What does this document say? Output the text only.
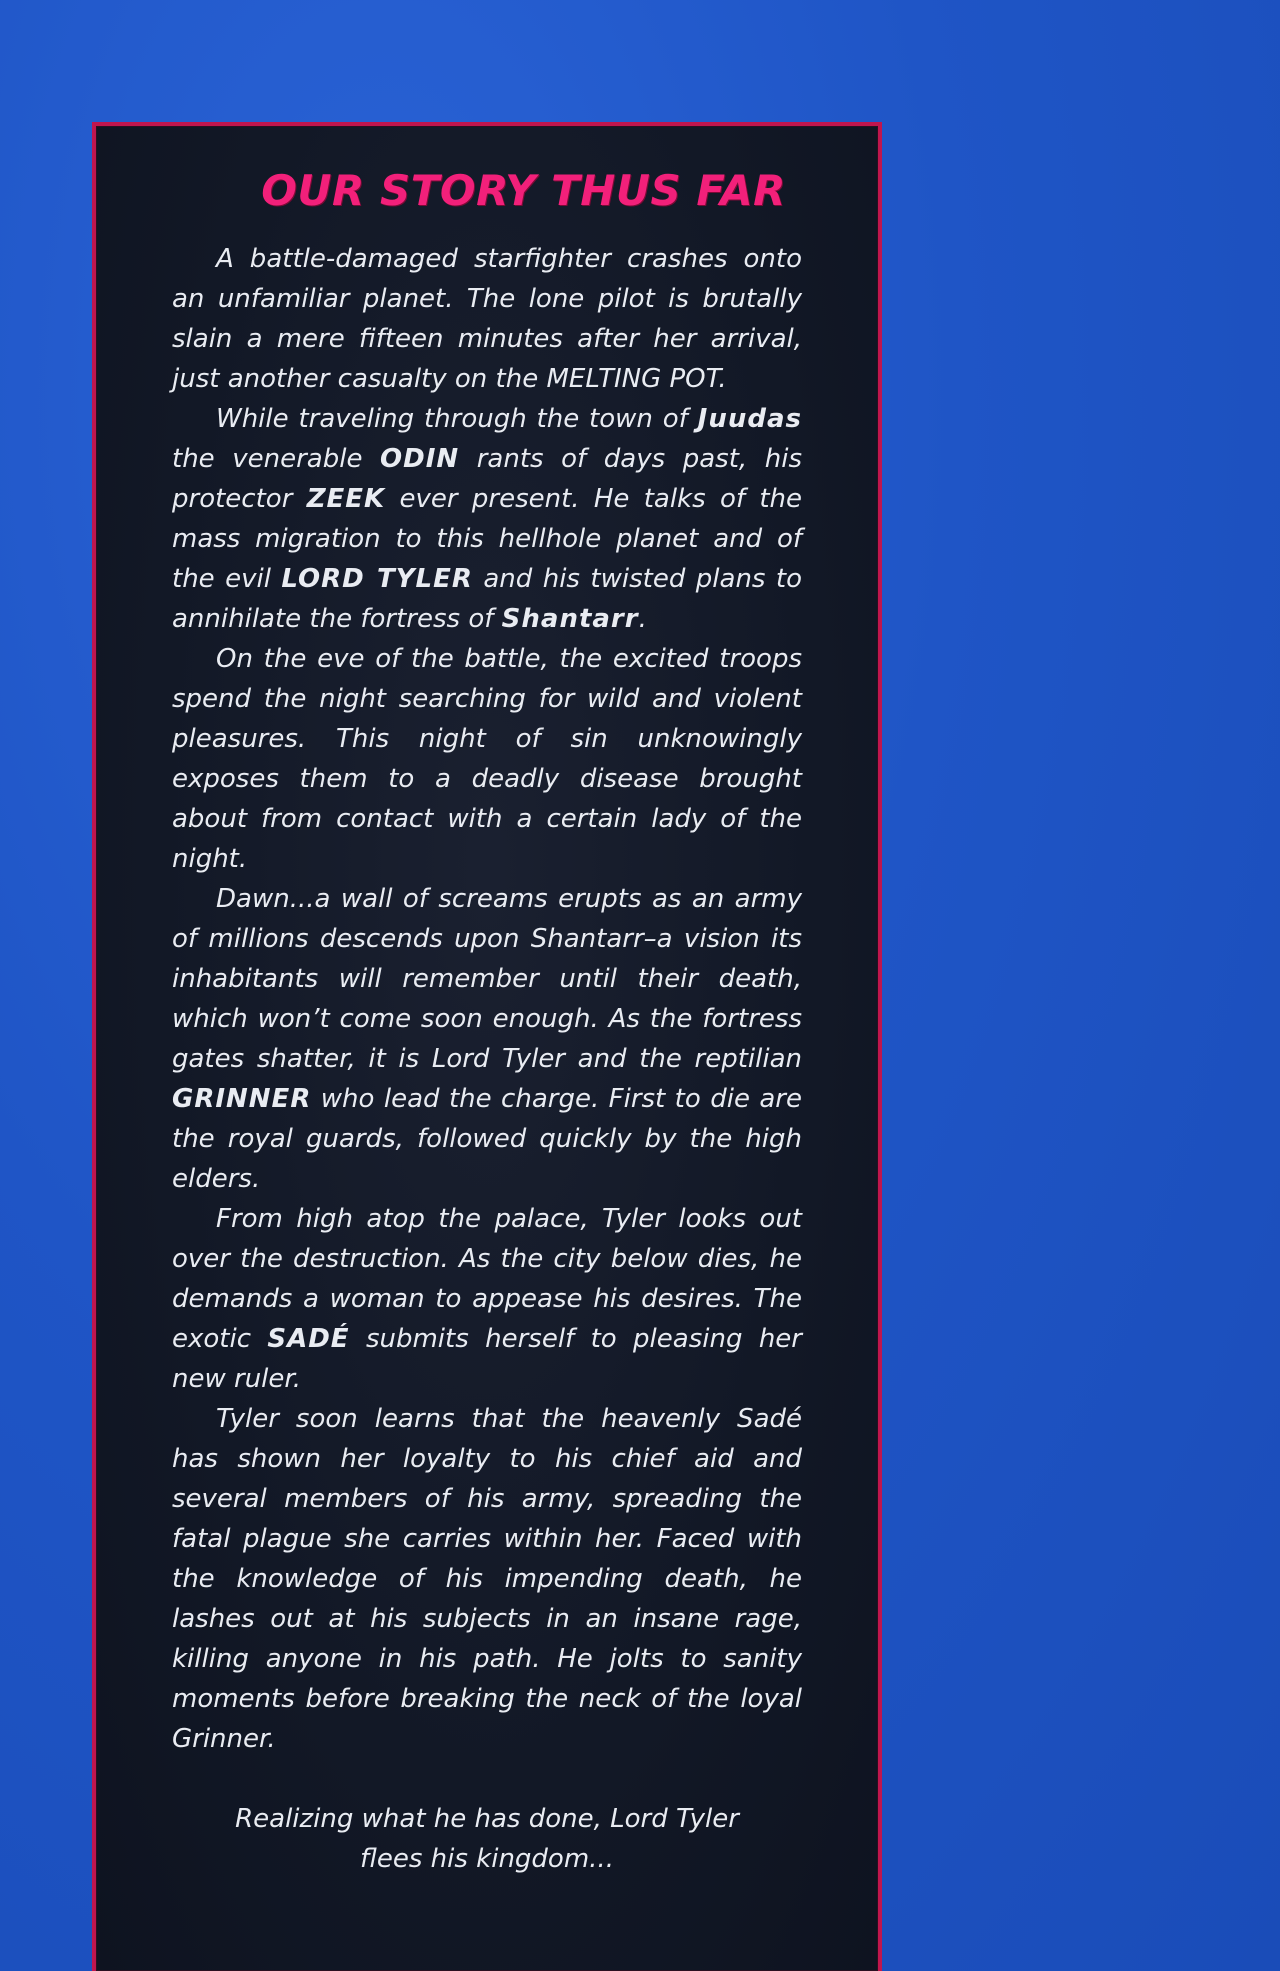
OUR STORY THUS FAR

A battle-damaged starfighter crashes onto an unfamiliar planet. The lone pilot is brutally slain a mere fifteen minutes after her arrival, just another casualty on the MELTING POT.

While traveling through the town of Juudas the venerable ODIN rants of days past, his protector ZEEK ever present. He talks of the mass migration to this hellhole planet and of the evil LORD TYLER and his twisted plans to annihilate the fortress of Shantarr.

On the eve of the battle, the excited troops spend the night searching for wild and violent pleasures. This night of sin unknowingly exposes them to a deadly disease brought about from contact with a certain lady of the night.

Dawn...a wall of screams erupts as an army of millions descends upon Shantarr–a vision its inhabitants will remember until their death, which won’t come soon enough. As the fortress gates shatter, it is Lord Tyler and the reptilian GRINNER who lead the charge. First to die are the royal guards, followed quickly by the high elders.

From high atop the palace, Tyler looks out over the destruction. As the city below dies, he demands a woman to appease his desires. The exotic SADÉ submits herself to pleasing her new ruler.

Tyler soon learns that the heavenly Sadé has shown her loyalty to his chief aid and several members of his army, spreading the fatal plague she carries within her. Faced with the knowledge of his impending death, he lashes out at his subjects in an insane rage, killing anyone in his path. He jolts to sanity moments before breaking the neck of the loyal Grinner.

Realizing what he has done, Lord Tyler flees his kingdom...
